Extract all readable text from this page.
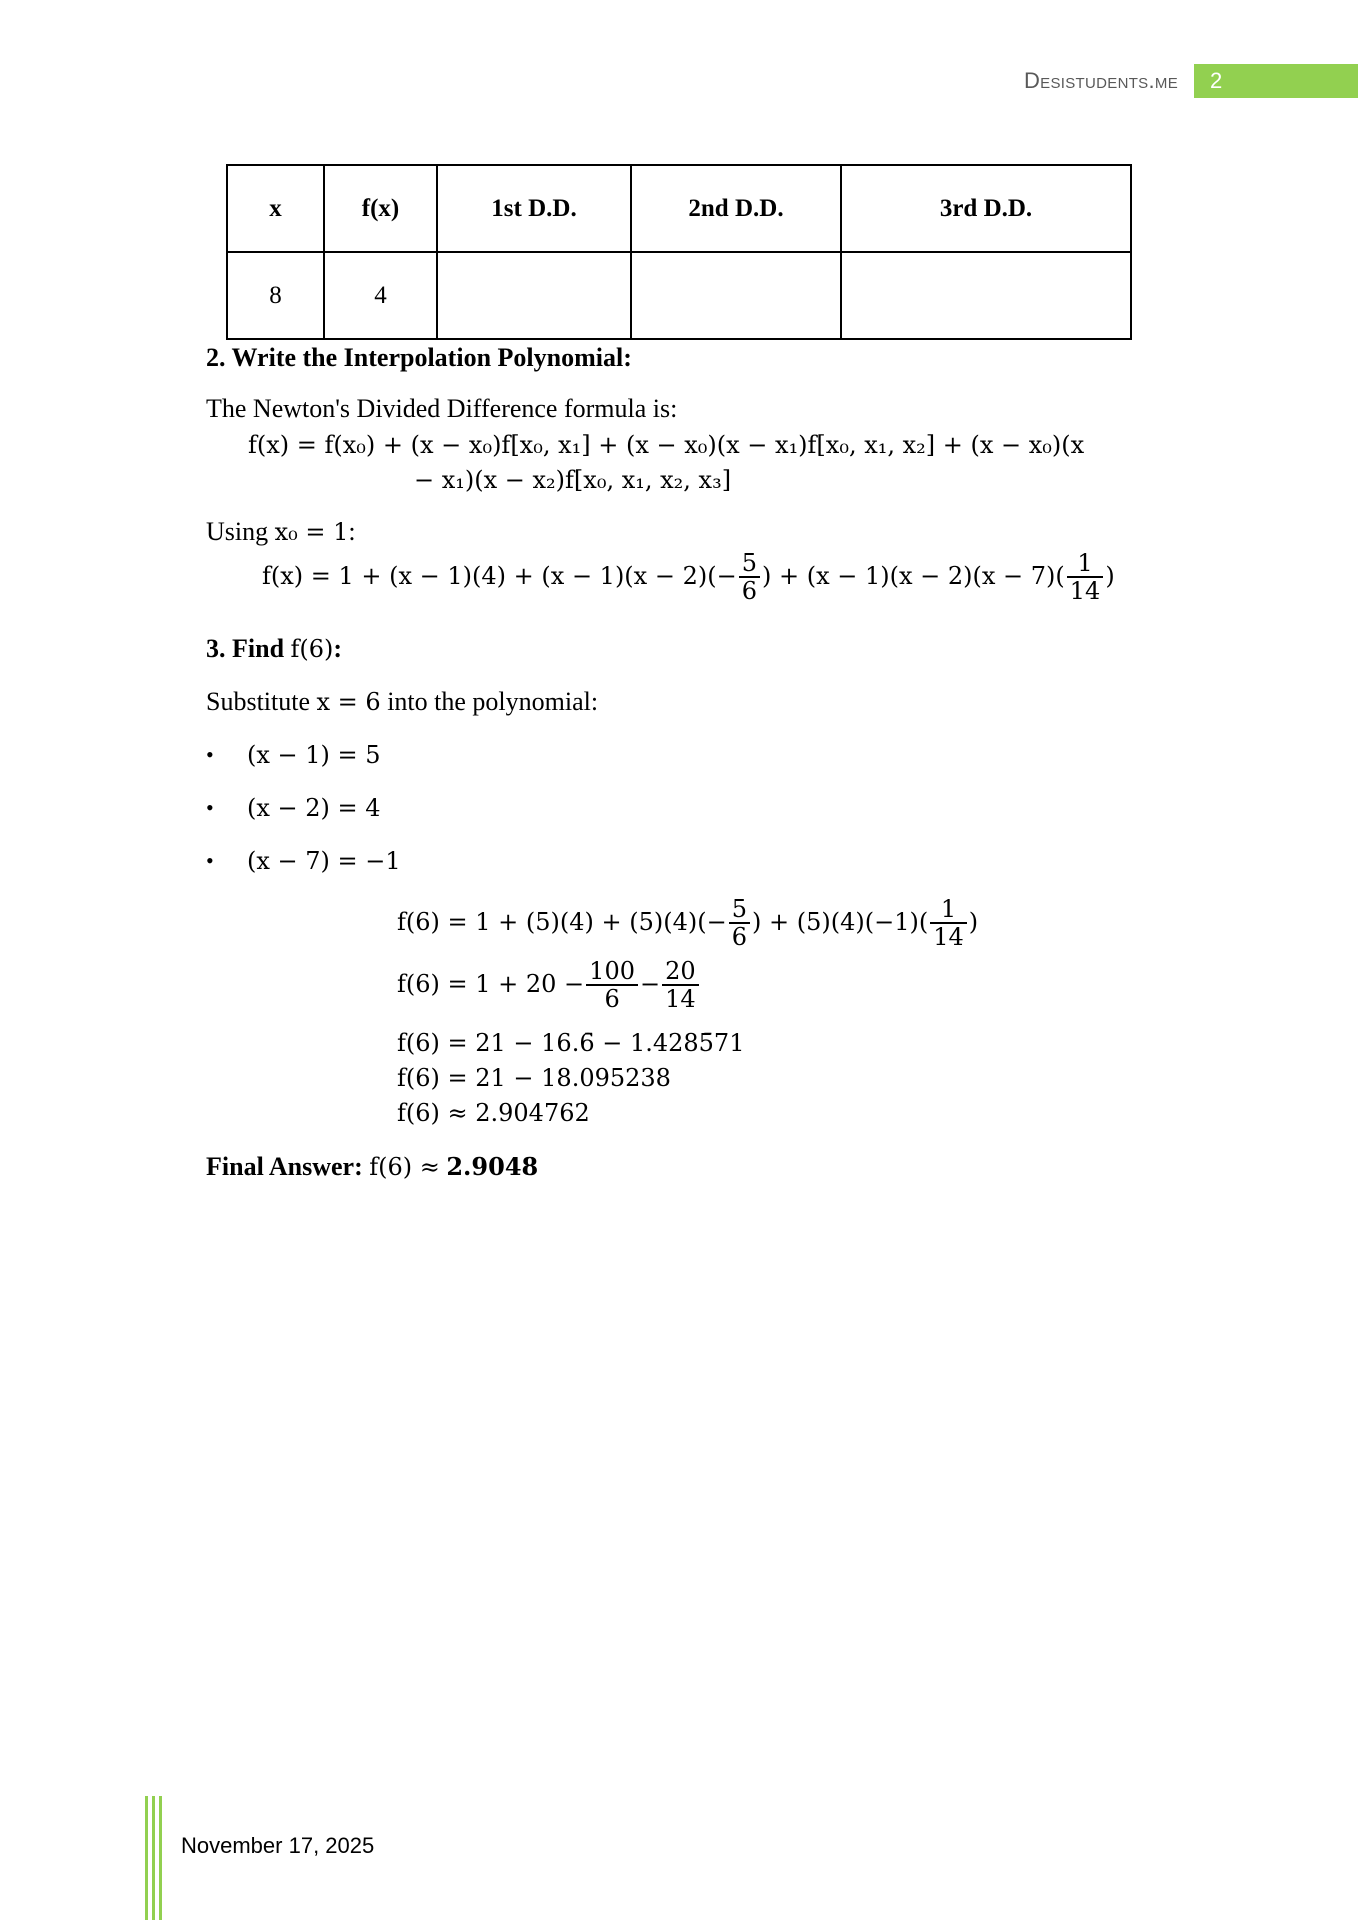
Desistudents.me	2
x	f(x)	1st D.D.	2nd D.D.	3rd D.D.
8	4			
2. Write the Interpolation Polynomial:
The Newton's Divided Difference formula is:
f(x) = f(x₀) + (x − x₀)f[x₀, x₁] + (x − x₀)(x − x₁)f[x₀, x₁, x₂] + (x − x₀)(x
− x₁)(x − x₂)f[x₀, x₁, x₂, x₃]
Using x₀ = 1:
$f(x) = 1 + (x - 1)(4) + (x - 1)(x - 2)(- \frac{5}{6}$ ) + $(x - 1)(x - 2)(x - 7)( \frac{1}{14}$ )
3. Find f(6):
Substitute x = 6 into the polynomial:
• (x − 1) = 5
• (x − 2) = 4
• (x − 7) = −1
$f(6) = 1 + (5)(4) + (5)(4)(- \frac{5}{6}$ ) + $(5)(4)(-1)( \frac{1}{14}$ )
$f(6) = 1 + 20 - \frac{100}{6} - \frac{20}{14}$
f(6) = 21 − 16.6̄ − 1.4285̄71
f(6) = 21 − 18.095238
f(6) ≈ 2.904762
Final Answer: f(6) ≈ 2.9048
November 17, 2025
